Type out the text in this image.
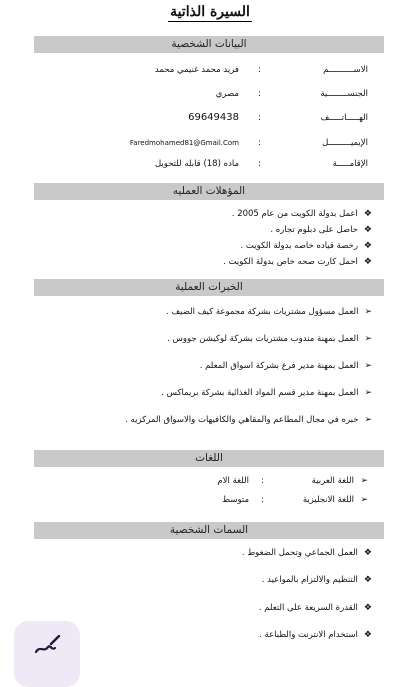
السيرة الذاتية
البيانات الشخصية
الاســــــــــم
:
فريد محمد غنيمي محمد
الجنســــــــية
:
مصري
الهـــــاتـــــف
:
69649438
الإيميـــــــــل
:
Faredmohamed81@Gmail.Com
الإقامـــــة
:
ماده (18) قابله للتحويل
المؤهلات العمليه
❖اعمل بدولة الكويت من عام 2005 .
❖حاصل على دبلوم تجاره .
❖رخصة قياده خاصه بدولة الكويت .
❖احمل كارت صحه خاص بدولة الكويت .
الخبرات العملية
➢العمل مسؤول مشتريات بشركة مجموعة كيف الضيف .
➢العمل بمهنة مندوب مشتريات بشركة لوكيشن جووس .
➢العمل بمهنة مدير فرع بشركة اسواق المعلم .
➢العمل بمهنة مدير قسم المواد الغذائية بشركة بريماكس .
➢خبره في مجال المطاعم والمقاهي والكافيهات والاسواق المركزيه .
اللغات
➢
اللغة العربية
:
اللغة الام
➢
اللغة الانجليزية
:
متوسط
السمات الشخصية
❖العمل الجماعي وتحمل الضغوط .
❖التنظيم والالتزام بالمواعيد .
❖القدرة السريعة على التعلم .
❖استخدام الانترنت والطباعة .
